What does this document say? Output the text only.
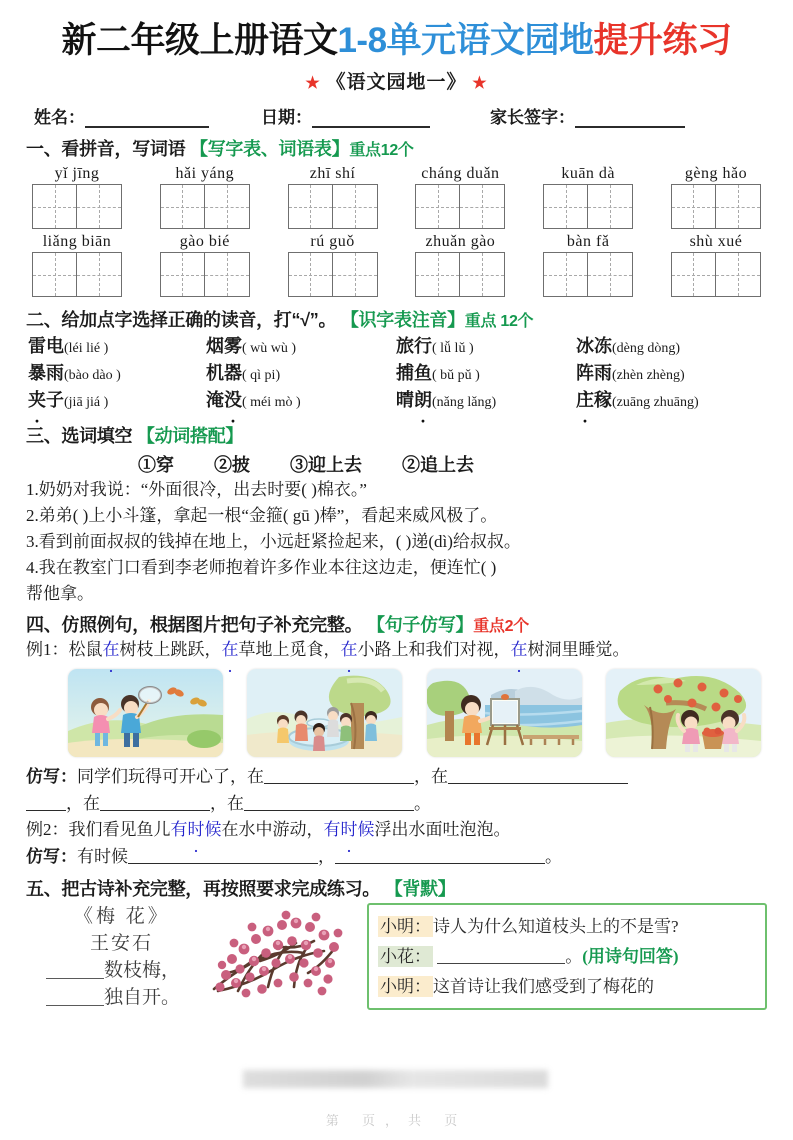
新二年级上册语文1-8单元语文园地提升练习
★ 《语文园地一》 ★
姓名：	日期：	家长签字：
一、看拼音，写词语 【写字表、词语表】重点12个
yǐ jīng	hǎi yáng	zhī shí	cháng duǎn	kuān dà	gèng hǎo
liǎng biān	gào bié	rú guǒ	zhuǎn gào	bàn fǎ	shù xué
二、给加点字选择正确的读音，打“√”。 【识字表注音】重点 12个
雷电(léi lié )	烟雾( wù wù )	旅行( lǚ lǔ )	冰冻(dèng dòng)
暴雨(bào dào )	机器( qì pi)	捕鱼( bǔ pǔ )	阵雨(zhèn zhèng)
夹子(jiā jiá )	淹没( méi mò )	晴朗(nǎng lǎng)	庄稼(zuāng zhuāng)
三、选词填空 【动词搭配】
①穿 ②披 ③迎上去 ②追上去
1.奶奶对我说：“外面很冷，出去时要( )棉衣。”
2.弟弟( )上小斗篷，拿起一根“金箍( gū )棒”，看起来威风极了。
3.看到前面叔叔的钱掉在地上，小远赶紧捡起来，( )递(dì)给叔叔。
4.我在教室门口看到李老师抱着许多作业本往这边走，便连忙( )
帮他拿。
四、仿照例句，根据图片把句子补充完整。 【句子仿写】重点2个
例1：松鼠在树枝上跳跃，在草地上觅食，在小路上和我们对视，在树洞里睡觉。
仿写：同学们玩得可开心了，在	，在
，在	，在	。
例2：我们看见鱼儿有时候在水中游动，有时候浮出水面吐泡泡。
仿写：有时候	，	。
五、把古诗补充完整，再按照要求完成练习。 【背默】
《梅 花》
王安石
数枝梅，
独自开。
小明： 诗人为什么知道枝头上的不是雪?
小花：	。(用诗句回答)
小明： 这首诗让我们感受到了梅花的
第 页，共 页
